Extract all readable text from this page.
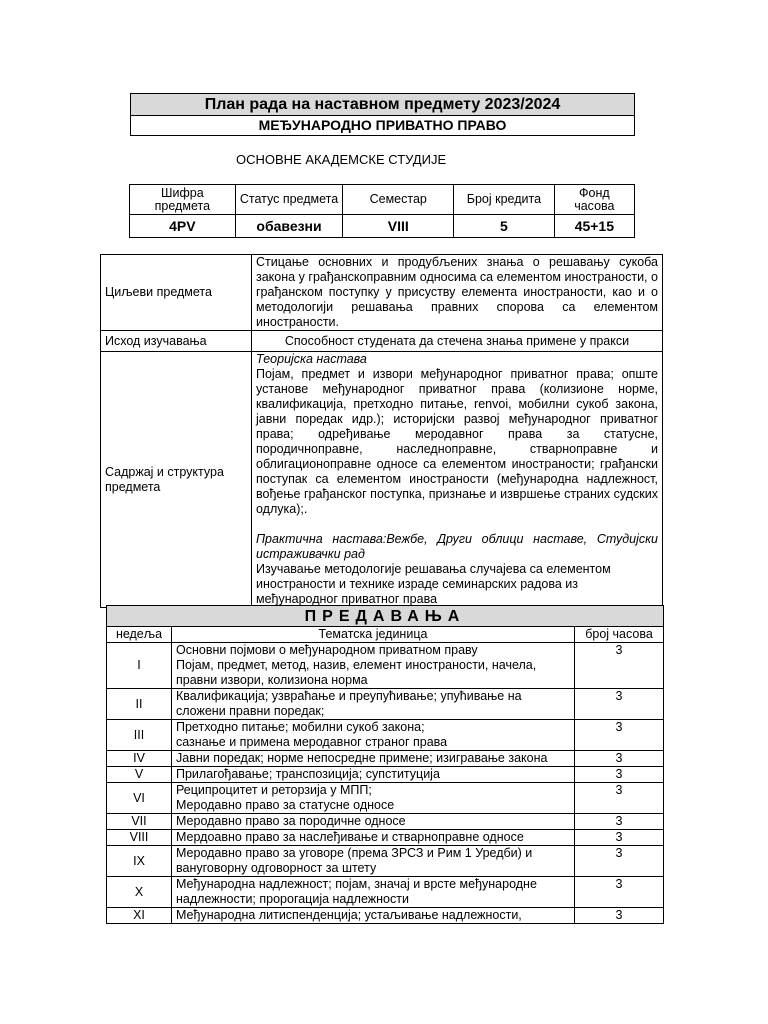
План рада на наставном предмету 2023/2024
МЕЂУНАРОДНО ПРИВАТНО ПРАВО
ОСНОВНЕ АКАДЕМСКЕ СТУДИЈЕ
Шифра предмета	Статус предмета	Семестар	Број кредита	Фонд часова
4PV	обавезни	VIII	5	45+15
Циљеви предмета	Стицање основних и продубљених знања о решавању сукоба закона у грађанскоправним односима са елементом иностраности, о грађанском поступку у присуству елемента иностраности, као и о методологији решавања правних спорова са елементом иностраности.
Исход изучавања	Способност студената да стечена знања примене у пракси
Садржај и структура предмета	Теоријска настава
Појам, предмет и извори међународног приватног права; опште установе међународног приватног права (колизионе норме, квалификација, претходно питање, renvoi, мобилни сукоб закона, јавни поредак идр.); историјски развој међународног приватног права; одређивање меродавног права за статусне, породичноправне, наследноправне, стварноправне и облигационоправне односе са елементом иностраности; грађански поступак са елементом иностраности (међународна надлежност, вођење грађанског поступка, признање и извршење страних судских одлука);.
Практична настава:Вежбе, Други облици наставе, Студијски истраживачки рад
Изучавање методологије решавања случајева са елементом иностраности и технике израде семинарских радова из међународног приватног права
ПРЕДАВАЊА		
недеља	Тематска јединица	број часова
I	Основни појмови о међународном приватном праву
Појам, предмет, метод, назив, елемент иностраности, начела, правни извори, колизиона норма	3
II	Квалификација; узвраћање и преупућивање; упућивање на сложени правни поредак;	3
III	Претходно питање; мобилни сукоб закона;
сазнање и примена меродавног страног права	3
IV	Јавни поредак; норме непосредне примене; изигравање закона	3
V	Прилагођавање; транспозиција; супституција	3
VI	Реципроцитет и реторзија у МПП;
Меродавно право за статусне односе	3
VII	Меродавно право за породичне односе	3
VIII	Мердоавно право за наслеђивање и стварноправне односе	3
IX	Меродавно право за уговоре (према ЗРСЗ и Рим 1 Уредби) и вануговорну одговорност за штету	3
X	Међународна надлежност; појам, значај и врсте међународне надлежности; пророгација надлежности	3
XI	Међународна литиспенденција; устаљивање надлежности,	3
